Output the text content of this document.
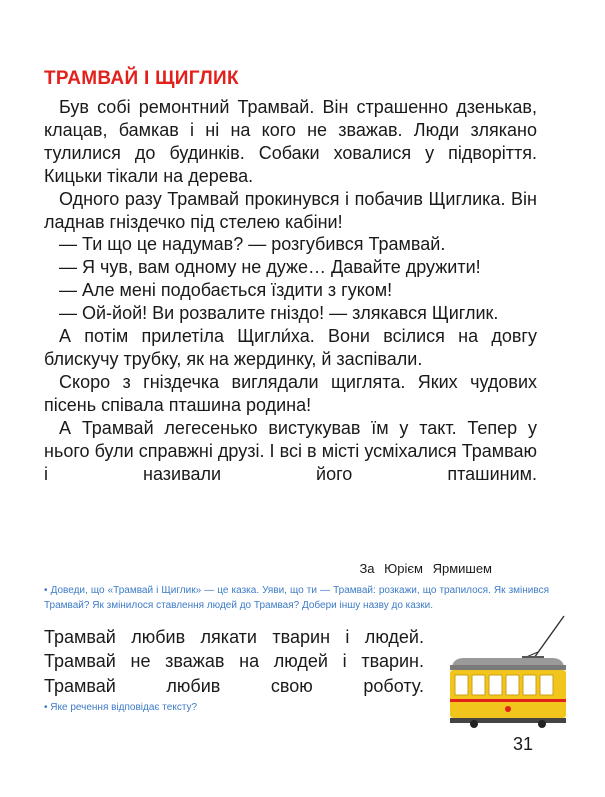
ТРАМВАЙ І ЩИГЛИК

Був собі ремонтний Трамвай. Він страшенно дзенькав, клацав, бамкав і ні на кого не зважав. Люди злякано тулилися до будинків. Собаки ховалися у підворіття. Кицьки тікали на дерева.

Одного разу Трамвай прокинувся і побачив Щиглика. Він ладнав гніздечко під стелею кабіни!

— Ти що це надумав? — розгубився Трамвай.

— Я чув, вам одному не дуже… Давайте дружити!

— Але мені подобається їздити з гуком!

— Ой-йой! Ви розвалите гніздо! — злякався Щиглик.

А потім прилетіла Щигли́ха. Вони всілися на довгу блискучу трубку, як на жердинку, й заспівали.

Скоро з гніздечка виглядали щиглята. Яких чудових пісень співала пташина родина!

А Трамвай легесенько вистукував їм у такт. Тепер у нього були справжні друзі. І всі в місті усміхалися Трамваю і називали його пташиним.

За Юрієм Ярмишем
• Доведи, що «Трамвай і Щиглик» — це казка. Уяви, що ти — Трамвай: розкажи, що трапилося. Як змінився Трамвай? Як змінилося ставлення людей до Трамвая? Добери іншу назву до казки.

Трамвай любив лякати тварин і людей.

Трамвай не зважав на людей і тварин.

Трамвай любив свою роботу.

• Яке речення відповідає тексту?
31
